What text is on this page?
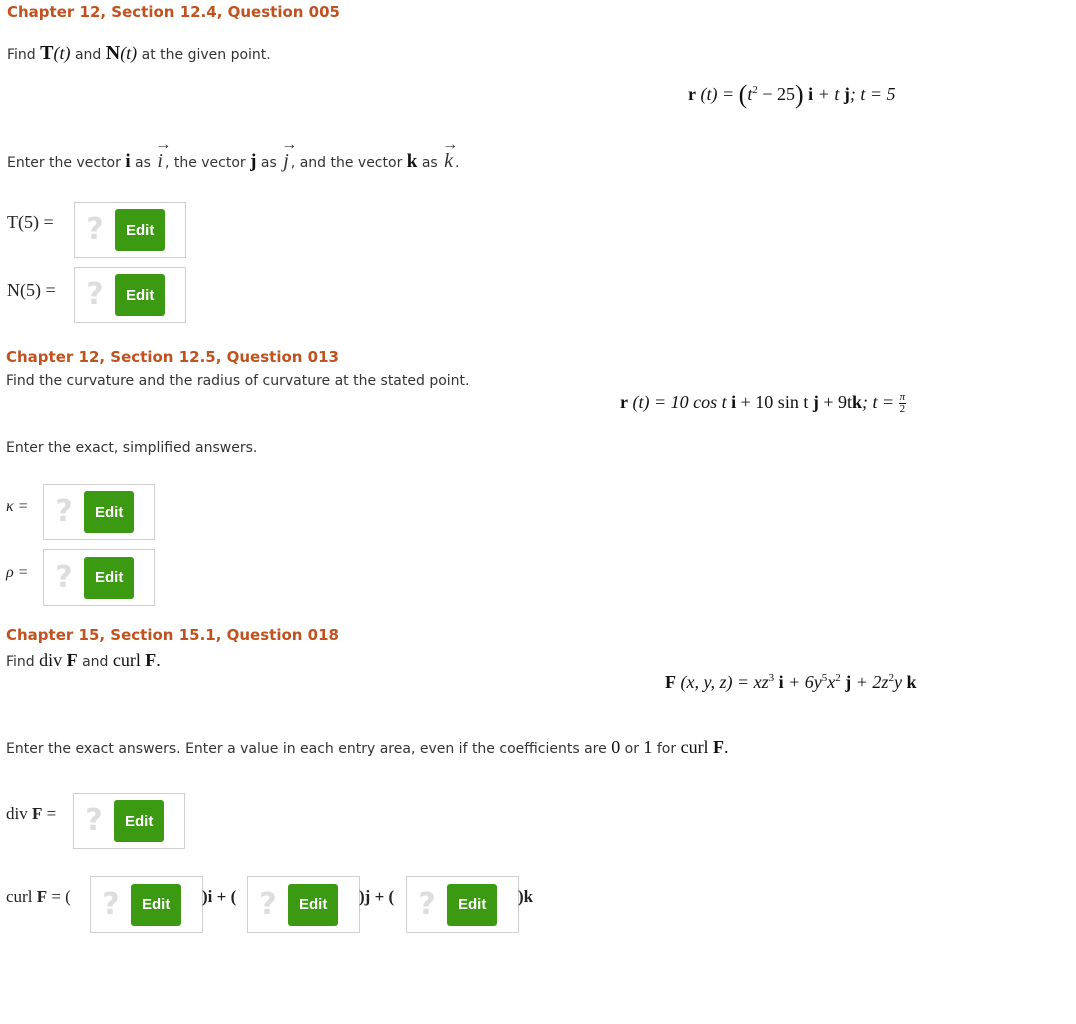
Chapter 12, Section 12.4, Question 005
Find T(t) and N(t) at the given point.
r $(t) = (t^2 - 25) i + t$ j; t = 5
Enter the vector i as
→
i , the vector j as
→
j , and the vector k as
→
k .
T(5) =	?	Edit
N(5) =	?	Edit
Chapter 12, Section 12.5, Question 013
Find the curvature and the radius of curvature at the stated point.
r (t) = 10 cos t i + 10 sin t j + 9tk; $t = \frac{\pi}{2}$
Enter the exact, simplified answers.
κ = ?	Edit
ρ = ?	Edit
Chapter 15, Section 15.1, Question 018
Find div F and curl F.
F (x, y, $z) = xz^3$ $i + 6y^5x^2$ $j + 2z^2y$ k
Enter the exact answers. Enter a value in each entry area, even if the coefficients are 0 or 1 for curl F.
div F = ?	Edit
curl F = (	?	Edit	)i + ( ?	Edit	)j + ( ?	Edit	)k
